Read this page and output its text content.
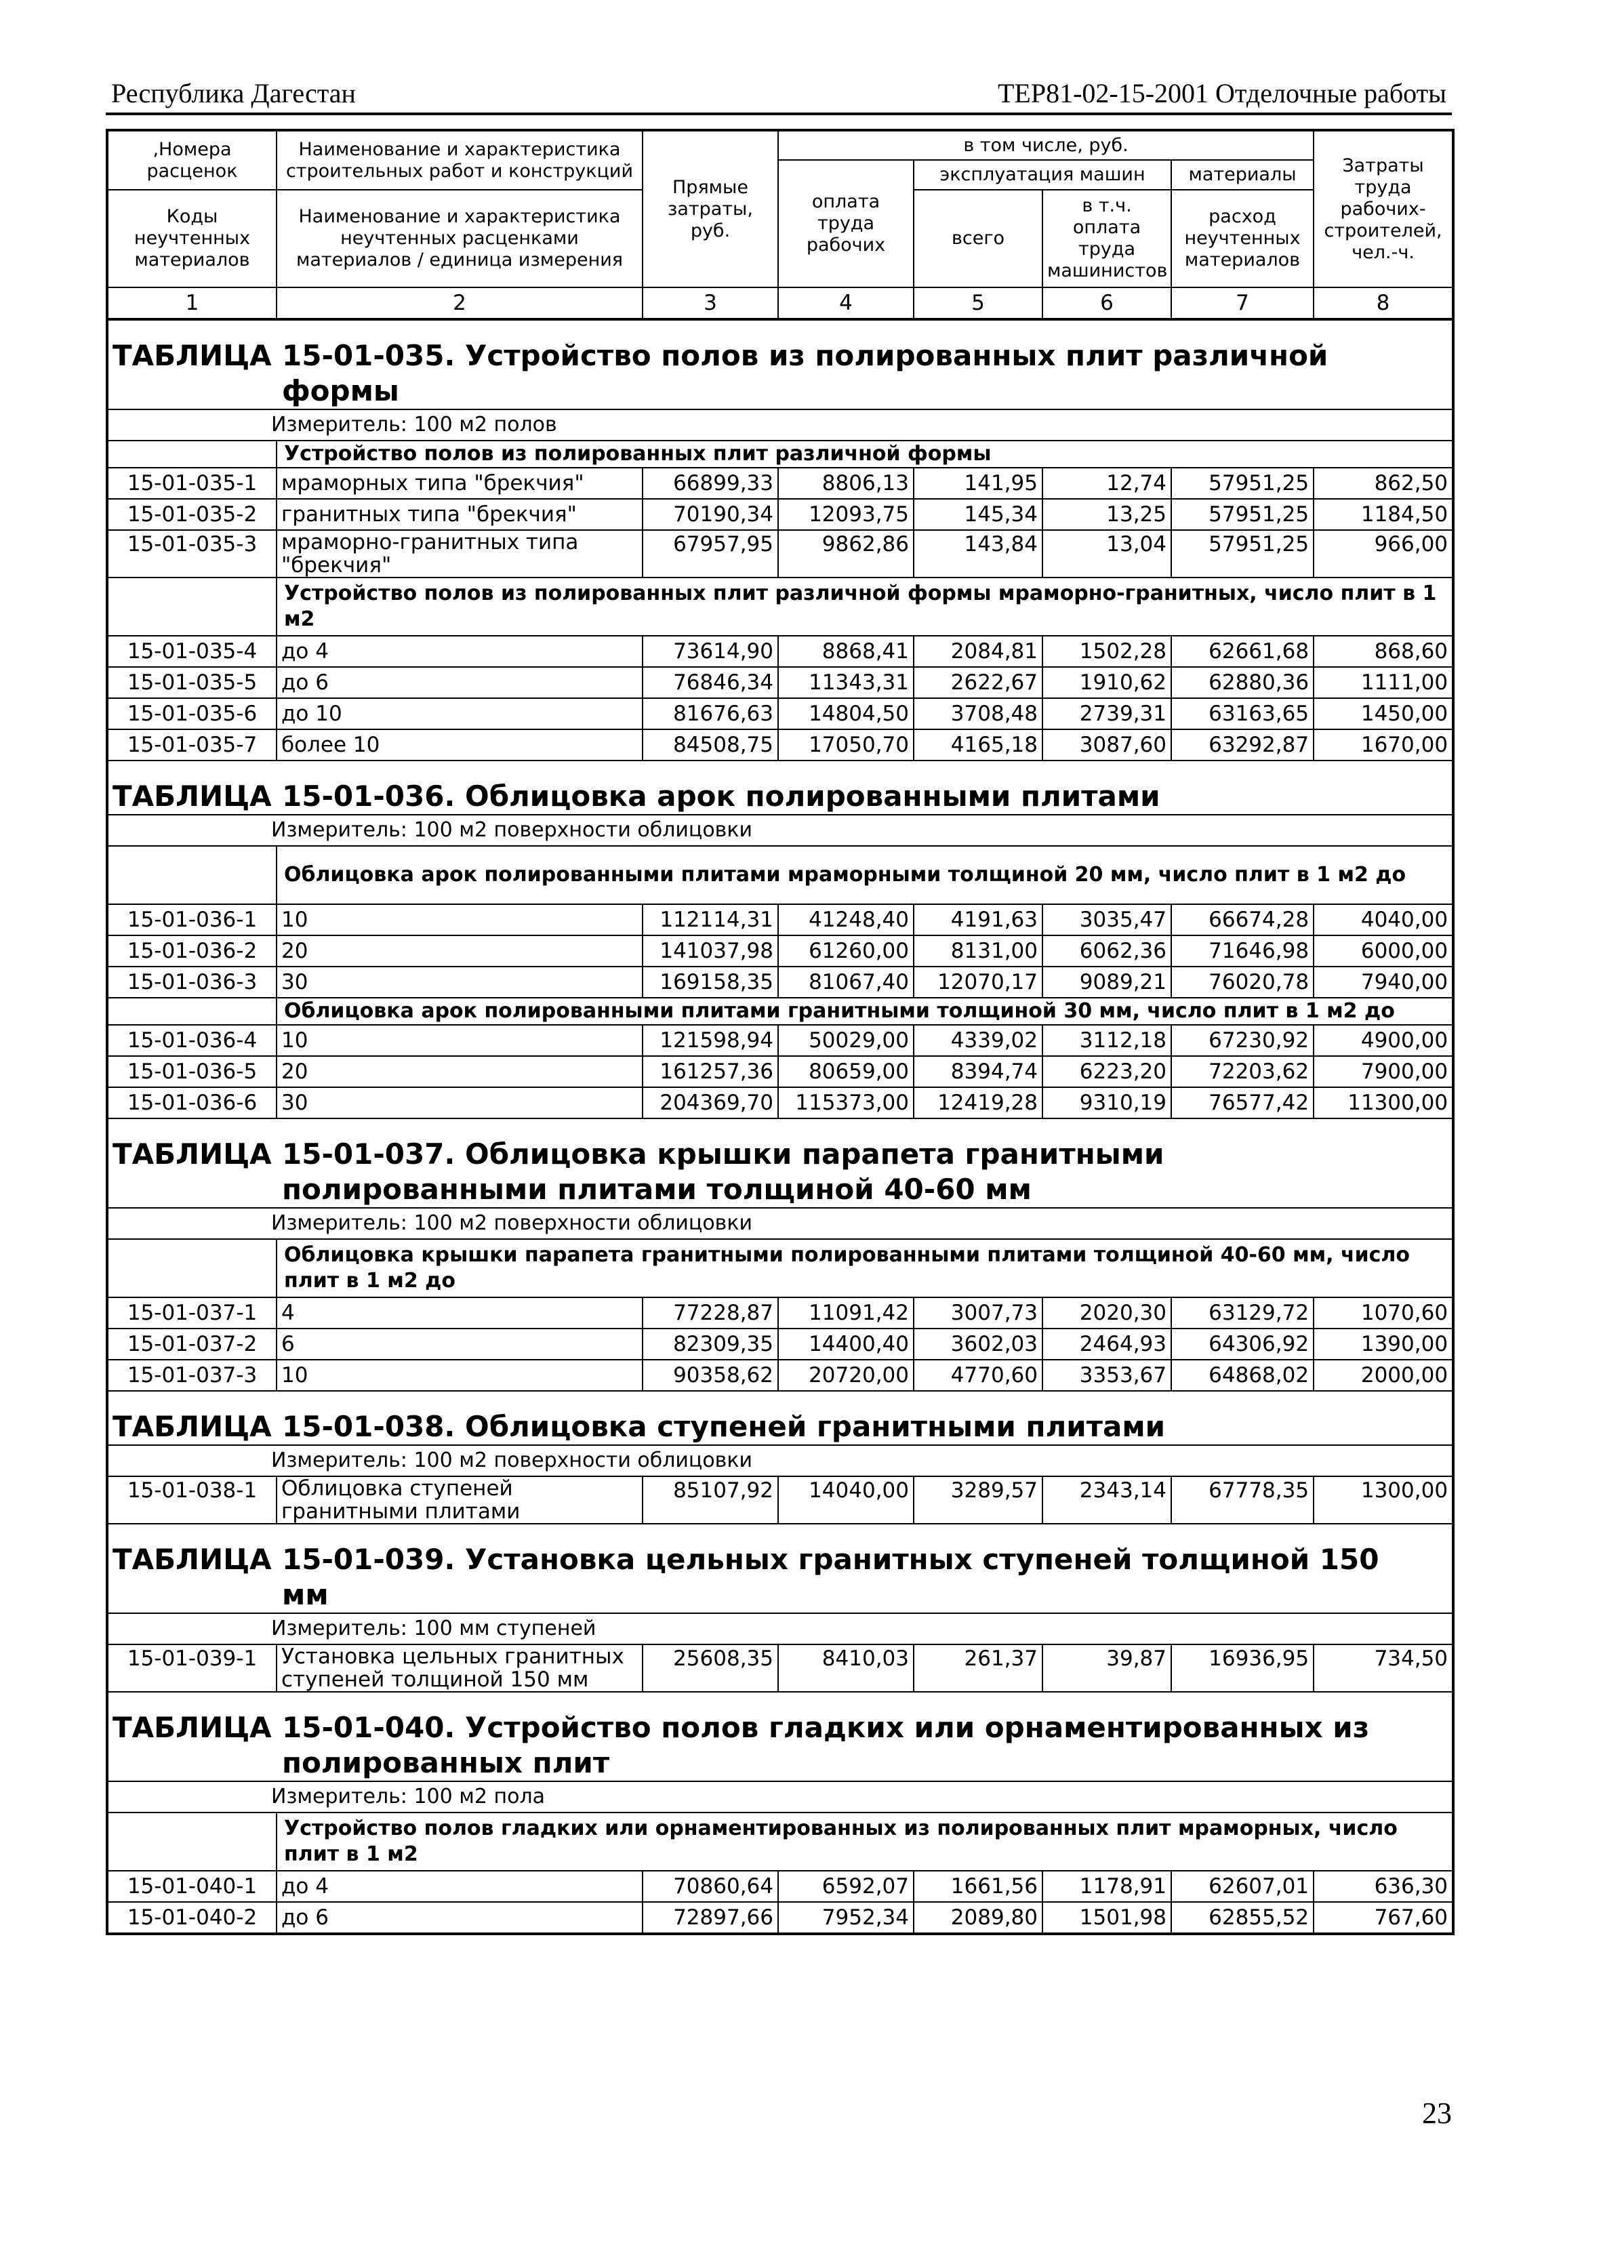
Республика Дагестан	ТЕР81-02-15-2001 Отделочные работы
,Номера расценок	Наименование и характеристика строительных работ и конструкций	Прямые затраты, руб.	в том числе, руб.				Затраты труда рабочих-строителей, чел.-ч.
			оплата труда рабочих	эксплуатация машин		материалы	
Коды неучтенных материалов	Наименование и характеристика неучтенных расценками материалов / единица измерения			всего	в т.ч. оплата труда машинистов	расход неучтенных материалов	

1	2	3	4	5	6	7	8

ТАБЛИЦА 15-01-035. Устройство полов из полированных плит различной формы							
Измеритель: 100 м2 полов							
	Устройство полов из полированных плит различной формы						
15-01-035-1	мраморных типа "брекчия"	66899,33	8806,13	141,95	12,74	57951,25	862,50
15-01-035-2	гранитных типа "брекчия"	70190,34	12093,75	145,34	13,25	57951,25	1184,50
15-01-035-3	мраморно-гранитных типа "брекчия"	67957,95	9862,86	143,84	13,04	57951,25	966,00
	Устройство полов из полированных плит различной формы мраморно-гранитных, число плит в 1 м2						
15-01-035-4	до 4	73614,90	8868,41	2084,81	1502,28	62661,68	868,60
15-01-035-5	до 6	76846,34	11343,31	2622,67	1910,62	62880,36	1111,00
15-01-035-6	до 10	81676,63	14804,50	3708,48	2739,31	63163,65	1450,00
15-01-035-7	более 10	84508,75	17050,70	4165,18	3087,60	63292,87	1670,00

ТАБЛИЦА 15-01-036. Облицовка арок полированными плитами							
Измеритель: 100 м2 поверхности облицовки							
	Облицовка арок полированными плитами мраморными толщиной 20 мм, число плит в 1 м2 до						
15-01-036-1	10	112114,31	41248,40	4191,63	3035,47	66674,28	4040,00
15-01-036-2	20	141037,98	61260,00	8131,00	6062,36	71646,98	6000,00
15-01-036-3	30	169158,35	81067,40	12070,17	9089,21	76020,78	7940,00
	Облицовка арок полированными плитами гранитными толщиной 30 мм, число плит в 1 м2 до						
15-01-036-4	10	121598,94	50029,00	4339,02	3112,18	67230,92	4900,00
15-01-036-5	20	161257,36	80659,00	8394,74	6223,20	72203,62	7900,00
15-01-036-6	30	204369,70	115373,00	12419,28	9310,19	76577,42	11300,00

ТАБЛИЦА 15-01-037. Облицовка крышки парапета гранитными полированными плитами толщиной 40-60 мм							
Измеритель: 100 м2 поверхности облицовки							
	Облицовка крышки парапета гранитными полированными плитами толщиной 40-60 мм, число плит в 1 м2 до						
15-01-037-1	4	77228,87	11091,42	3007,73	2020,30	63129,72	1070,60
15-01-037-2	6	82309,35	14400,40	3602,03	2464,93	64306,92	1390,00
15-01-037-3	10	90358,62	20720,00	4770,60	3353,67	64868,02	2000,00

ТАБЛИЦА 15-01-038. Облицовка ступеней гранитными плитами							
Измеритель: 100 м2 поверхности облицовки							
15-01-038-1	Облицовка ступеней гранитными плитами	85107,92	14040,00	3289,57	2343,14	67778,35	1300,00

ТАБЛИЦА 15-01-039. Установка цельных гранитных ступеней толщиной 150 мм							
Измеритель: 100 мм ступеней							
15-01-039-1	Установка цельных гранитных ступеней толщиной 150 мм	25608,35	8410,03	261,37	39,87	16936,95	734,50

ТАБЛИЦА 15-01-040. Устройство полов гладких или орнаментированных из полированных плит							
Измеритель: 100 м2 пола							
	Устройство полов гладких или орнаментированных из полированных плит мраморных, число плит в 1 м2						
15-01-040-1	до 4	70860,64	6592,07	1661,56	1178,91	62607,01	636,30
15-01-040-2	до 6	72897,66	7952,34	2089,80	1501,98	62855,52	767,60
23
